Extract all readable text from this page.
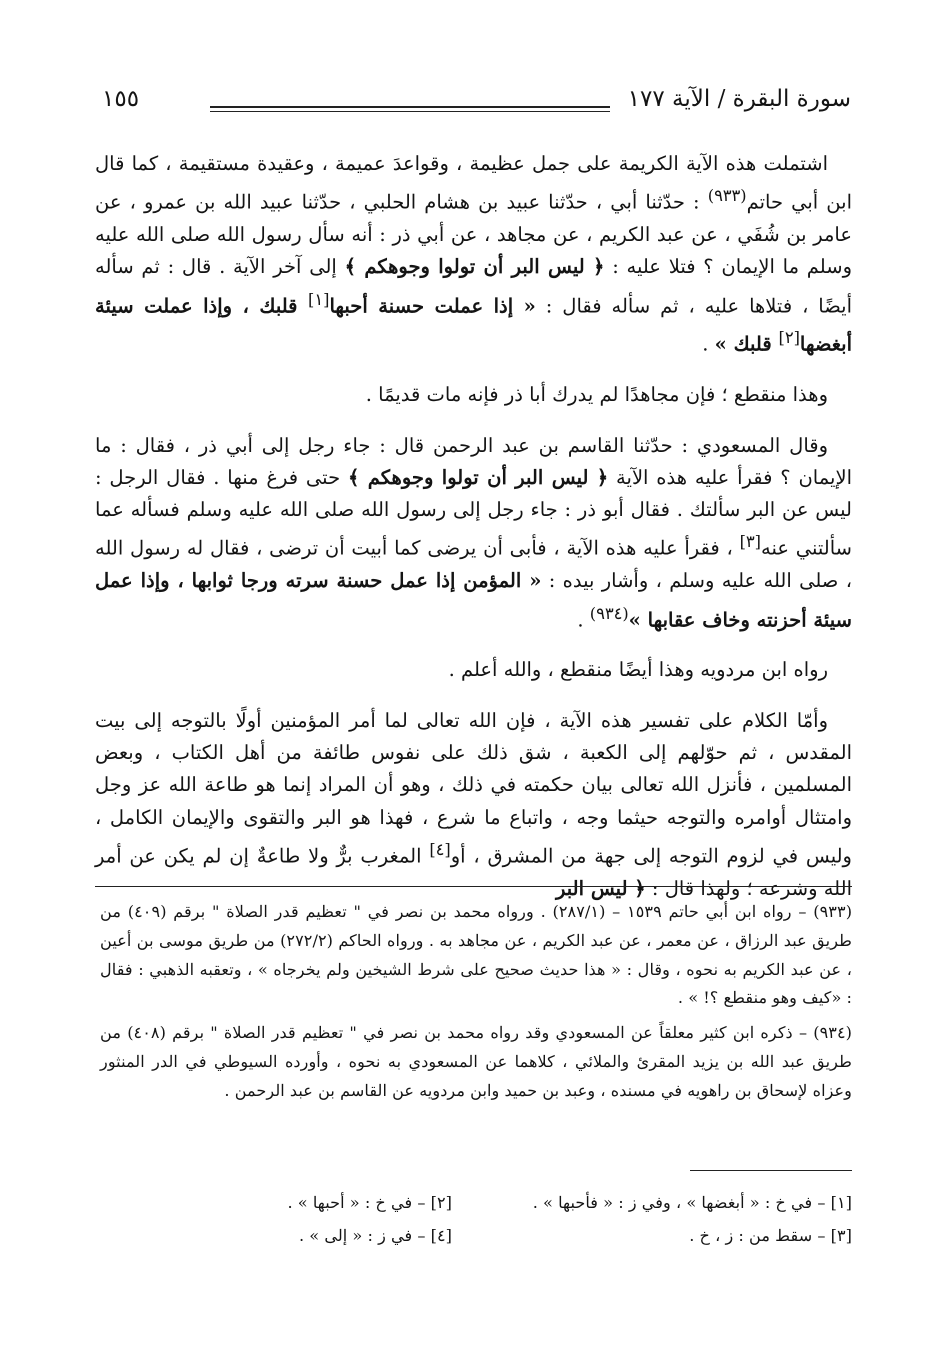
سورة البقرة / الآية ١٧٧
١٥٥

اشتملت هذه الآية الكريمة على جمل عظيمة ، وقواعدَ عميمة ، وعقيدة مستقيمة ، كما قال ابن أبي حاتم$^{(٩٣٣)}$ : حدّثنا أبي ، حدّثنا عبيد بن هشام الحلبي ، حدّثنا عبيد الله بن عمرو ، عن عامر بن شُفَي ، عن عبد الكريم ، عن مجاهد ، عن أبي ذر : أنه سأل رسول الله صلى الله عليه وسلم ما الإيمان ؟ فتلا عليه : ﴿ ليس البر أن تولوا وجوهكم ﴾ إلى آخر الآية . قال : ثم سأله أيضًا ، فتلاها عليه ، ثم سأله فقال : « إذا عملت حسنة أحبها[١] قلبك ، وإذا عملت سيئة أبغضها[٢] قلبك » .

وهذا منقطع ؛ فإن مجاهدًا لم يدرك أبا ذر فإنه مات قديمًا .

وقال المسعودي : حدّثنا القاسم بن عبد الرحمن قال : جاء رجل إلى أبي ذر ، فقال : ما الإيمان ؟ فقرأ عليه هذه الآية ﴿ ليس البر أن تولوا وجوهكم ﴾ حتى فرغ منها . فقال الرجل : ليس عن البر سألتك . فقال أبو ذر : جاء رجل إلى رسول الله صلى الله عليه وسلم فسأله عما سألتني عنه[٣] ، فقرأ عليه هذه الآية ، فأبى أن يرضى كما أبيت أن ترضى ، فقال له رسول الله ، صلى الله عليه وسلم ، وأشار بيده : « المؤمن إذا عمل حسنة سرته ورجا ثوابها ، وإذا عمل سيئة أحزنته وخاف عقابها »$^{(٩٣٤)}$ .

رواه ابن مردويه وهذا أيضًا منقطع ، والله أعلم .

وأمّا الكلام على تفسير هذه الآية ، فإن الله تعالى لما أمر المؤمنين أولًا بالتوجه إلى بيت المقدس ، ثم حوّلهم إلى الكعبة ، شق ذلك على نفوس طائفة من أهل الكتاب ، وبعض المسلمين ، فأنزل الله تعالى بيان حكمته في ذلك ، وهو أن المراد إنما هو طاعة الله عز وجل وامتثال أوامره والتوجه حيثما وجه ، واتباع ما شرع ، فهذا هو البر والتقوى والإيمان الكامل ، وليس في لزوم التوجه إلى جهة من المشرق ، أو[٤] المغرب برٌّ ولا طاعةٌ إن لم يكن عن أمر الله وشرعه ؛ ولهذا قال : ﴿ ليس البر

(٩٣٣) – رواه ابن أبي حاتم ١٥٣٩ – (٢٨٧/١) . ورواه محمد بن نصر في " تعظيم قدر الصلاة " برقم (٤٠٩) من طريق عبد الرزاق ، عن معمر ، عن عبد الكريم ، عن مجاهد به . ورواه الحاكم (٢٧٢/٢) من طريق موسى بن أعين ، عن عبد الكريم به نحوه ، وقال : « هذا حديث صحيح على شرط الشيخين ولم يخرجاه » ، وتعقبه الذهبي : فقال : «كيف وهو منقطع ؟! » .

(٩٣٤) – ذكره ابن كثير معلقاً عن المسعودي وقد رواه محمد بن نصر في " تعظيم قدر الصلاة " برقم (٤٠٨) من طريق عبد الله بن يزيد المقرئ والملائي ، كلاهما عن المسعودي به نحوه ، وأورده السيوطي في الدر المنثور وعزاه لإسحاق بن راهويه في مسنده ، وعبد بن حميد وابن مردويه عن القاسم بن عبد الرحمن .

[١] – في خ : « أبغضها » ، وفي ز : « فأحبها » .
[٢] – في خ : « أحبها » .
[٣] – سقط من : ز ، خ .
[٤] – في ز : « إلى » .
